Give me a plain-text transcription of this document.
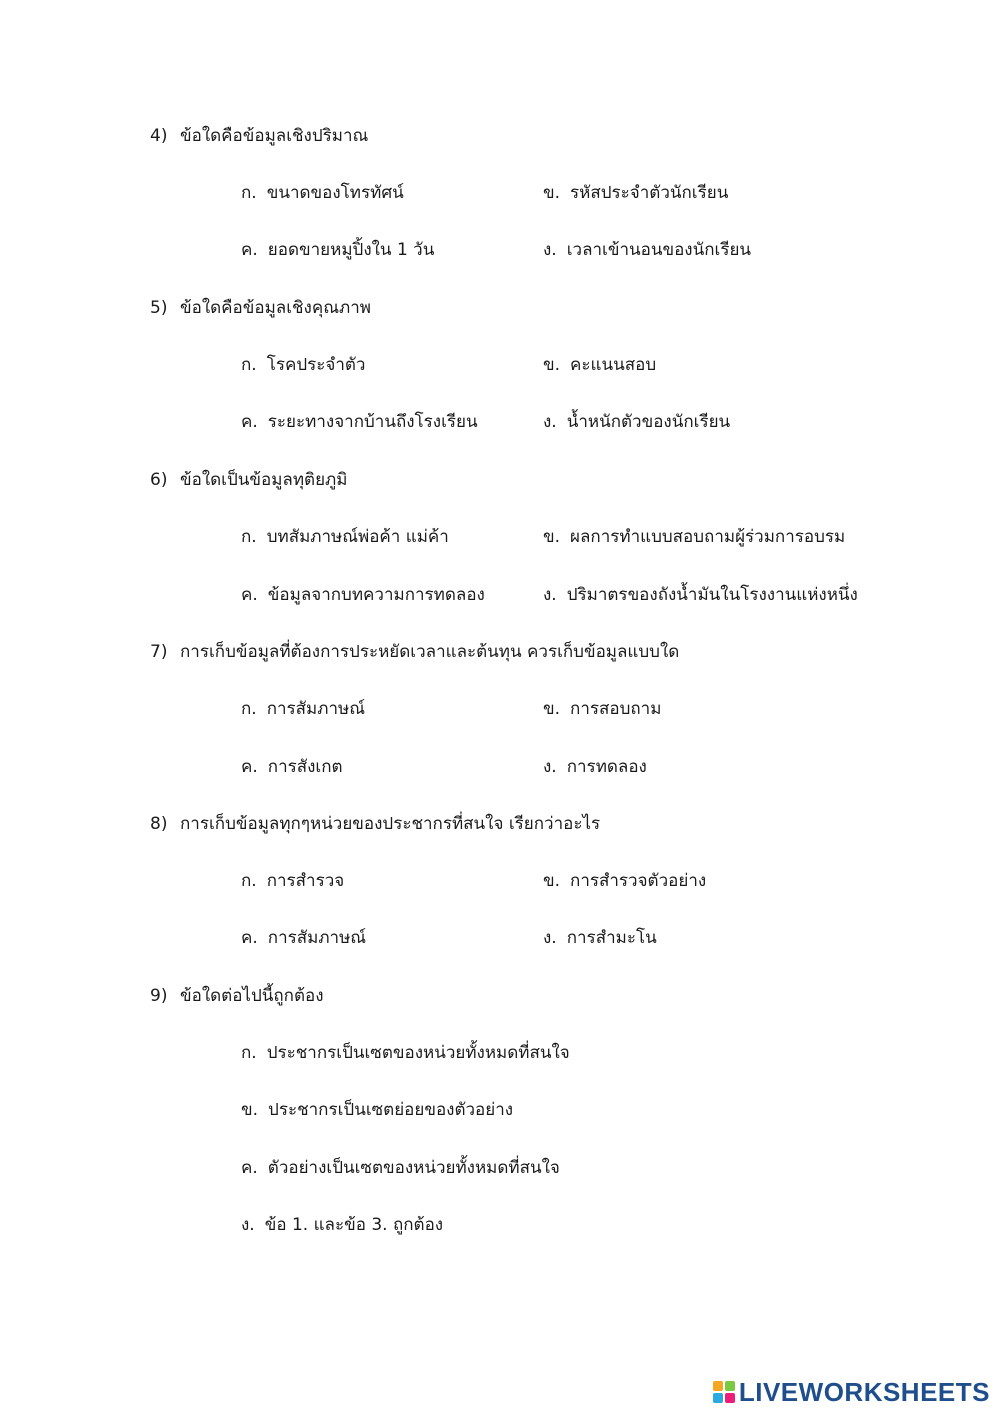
4) ข้อใดคือข้อมูลเชิงปริมาณ
ก. ขนาดของโทรทัศน์	ข. รหัสประจำตัวนักเรียน
ค. ยอดขายหมูปิ้งใน 1 วัน	ง. เวลาเข้านอนของนักเรียน
5) ข้อใดคือข้อมูลเชิงคุณภาพ
ก. โรคประจำตัว	ข. คะแนนสอบ
ค. ระยะทางจากบ้านถึงโรงเรียน	ง. น้ำหนักตัวของนักเรียน
6) ข้อใดเป็นข้อมูลทุติยภูมิ
ก. บทสัมภาษณ์พ่อค้า แม่ค้า	ข. ผลการทำแบบสอบถามผู้ร่วมการอบรม
ค. ข้อมูลจากบทความการทดลอง	ง. ปริมาตรของถังน้ำมันในโรงงานแห่งหนึ่ง
7) การเก็บข้อมูลที่ต้องการประหยัดเวลาและต้นทุน ควรเก็บข้อมูลแบบใด
ก. การสัมภาษณ์	ข. การสอบถาม
ค. การสังเกต	ง. การทดลอง
8) การเก็บข้อมูลทุกๆหน่วยของประชากรที่สนใจ เรียกว่าอะไร
ก. การสำรวจ	ข. การสำรวจตัวอย่าง
ค. การสัมภาษณ์	ง. การสำมะโน
9) ข้อใดต่อไปนี้ถูกต้อง
ก. ประชากรเป็นเซตของหน่วยทั้งหมดที่สนใจ
ข. ประชากรเป็นเซตย่อยของตัวอย่าง
ค. ตัวอย่างเป็นเซตของหน่วยทั้งหมดที่สนใจ
ง. ข้อ 1. และข้อ 3. ถูกต้อง
LIVEWORKSHEETS
